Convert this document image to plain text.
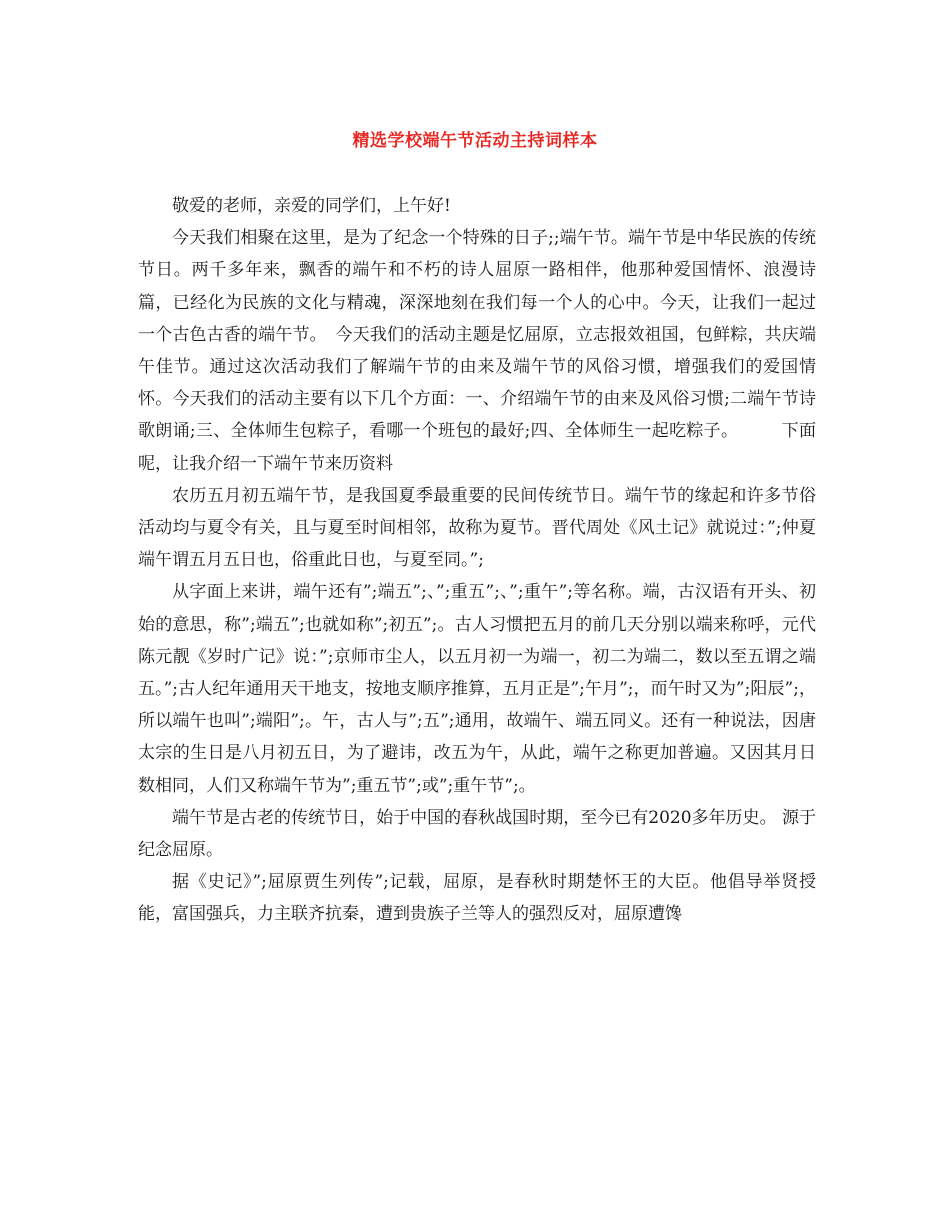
精选学校端午节活动主持词样本

敬爱的老师，亲爱的同学们，上午好!

今天我们相聚在这里，是为了纪念一个特殊的日子;;端午节。端午节是中华民族的传统节日。两千多年来，飘香的端午和不朽的诗人屈原一路相伴，他那种爱国情怀、浪漫诗篇，已经化为民族的文化与精魂，深深地刻在我们每一个人的心中。今天，让我们一起过一个古色古香的端午节。　今天我们的活动主题是忆屈原，立志报效祖国，包鲜粽，共庆端午佳节。通过这次活动我们了解端午节的由来及端午节的风俗习惯，增强我们的爱国情怀。今天我们的活动主要有以下几个方面：一、介绍端午节的由来及风俗习惯;二端午节诗歌朗诵;三、全体师生包粽子，看哪一个班包的最好;四、全体师生一起吃粽子。　　　下面呢，让我介绍一下端午节来历资料

农历五月初五端午节，是我国夏季最重要的民间传统节日。端午节的缘起和许多节俗活动均与夏令有关，且与夏至时间相邻，故称为夏节。晋代周处《风土记》就说过：”;仲夏端午谓五月五日也，俗重此日也，与夏至同。”;

从字面上来讲，端午还有”;端五”;、”;重五”;、”;重午”;等名称。端，古汉语有开头、初始的意思，称”;端五”;也就如称”;初五”;。古人习惯把五月的前几天分别以端来称呼，元代陈元靓《岁时广记》说：”;京师市尘人，以五月初一为端一，初二为端二，数以至五谓之端五。”;古人纪年通用天干地支，按地支顺序推算，五月正是”;午月”;，而午时又为”;阳辰”;，所以端午也叫”;端阳”;。午，古人与”;五”;通用，故端午、端五同义。还有一种说法，因唐太宗的生日是八月初五日，为了避讳，改五为午，从此，端午之称更加普遍。又因其月日数相同，人们又称端午节为”;重五节”;或”;重午节”;。

端午节是古老的传统节日，始于中国的春秋战国时期，至今已有2020多年历史。 源于纪念屈原。

据《史记》”;屈原贾生列传”;记载，屈原，是春秋时期楚怀王的大臣。他倡导举贤授能，富国强兵，力主联齐抗秦，遭到贵族子兰等人的强烈反对，屈原遭馋
